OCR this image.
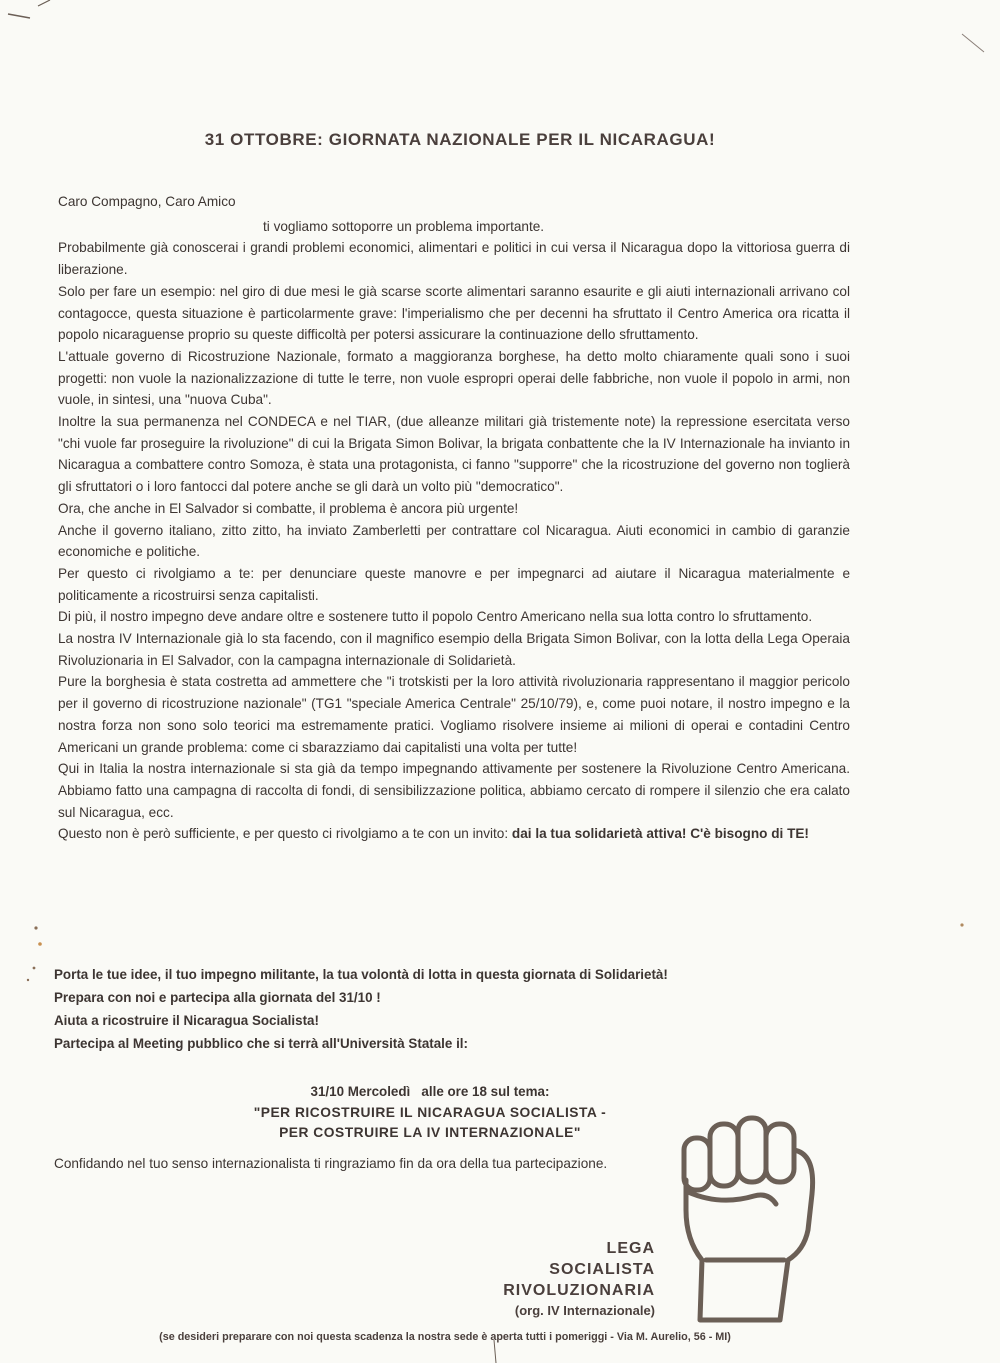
31 OTTOBRE: GIORNATA NAZIONALE PER IL NICARAGUA!

Caro Compagno, Caro Amico

ti vogliamo sottoporre un problema importante.

Probabilmente già conoscerai i grandi problemi economici, alimentari e politici in cui versa il Nicaragua dopo la vittoriosa guerra di liberazione.

Solo per fare un esempio: nel giro di due mesi le già scarse scorte alimentari saranno esaurite e gli aiuti internazionali arrivano col contagocce, questa situazione è particolarmente grave: l'imperialismo che per decenni ha sfruttato il Centro America ora ricatta il popolo nicaraguense proprio su queste difficoltà per potersi assicurare la continuazione dello sfruttamento.

L'attuale governo di Ricostruzione Nazionale, formato a maggioranza borghese, ha detto molto chiaramente quali sono i suoi progetti: non vuole la nazionalizzazione di tutte le terre, non vuole espropri operai delle fabbriche, non vuole il popolo in armi, non vuole, in sintesi, una "nuova Cuba".

Inoltre la sua permanenza nel CONDECA e nel TIAR, (due alleanze militari già tristemente note) la repressione esercitata verso "chi vuole far proseguire la rivoluzione" di cui la Brigata Simon Bolivar, la brigata conbattente che la IV Internazionale ha invianto in Nicaragua a combattere contro Somoza, è stata una protagonista, ci fanno "supporre" che la ricostruzione del governo non toglierà gli sfruttatori o i loro fantocci dal potere anche se gli darà un volto più "democratico".

Ora, che anche in El Salvador si combatte, il problema è ancora più urgente!

Anche il governo italiano, zitto zitto, ha inviato Zamberletti per contrattare col Nicaragua. Aiuti economici in cambio di garanzie economiche e politiche.

Per questo ci rivolgiamo a te: per denunciare queste manovre e per impegnarci ad aiutare il Nicaragua materialmente e politicamente a ricostruirsi senza capitalisti.

Di più, il nostro impegno deve andare oltre e sostenere tutto il popolo Centro Americano nella sua lotta contro lo sfruttamento.

La nostra IV Internazionale già lo sta facendo, con il magnifico esempio della Brigata Simon Bolivar, con la lotta della Lega Operaia Rivoluzionaria in El Salvador, con la campagna internazionale di Solidarietà.

Pure la borghesia è stata costretta ad ammettere che "i trotskisti per la loro attività rivoluzionaria rappresentano il maggior pericolo per il governo di ricostruzione nazionale" (TG1 "speciale America Centrale" 25/10/79), e, come puoi notare, il nostro impegno e la nostra forza non sono solo teorici ma estremamente pratici. Vogliamo risolvere insieme ai milioni di operai e contadini Centro Americani un grande problema: come ci sbarazziamo dai capitalisti una volta per tutte!

Qui in Italia la nostra internazionale si sta già da tempo impegnando attivamente per sostenere la Rivoluzione Centro Americana. Abbiamo fatto una campagna di raccolta di fondi, di sensibilizzazione politica, abbiamo cercato di rompere il silenzio che era calato sul Nicaragua, ecc.

Questo non è però sufficiente, e per questo ci rivolgiamo a te con un invito: dai la tua solidarietà attiva! C'è bisogno di TE!

Porta le tue idee, il tuo impegno militante, la tua volontà di lotta in questa giornata di Solidarietà!

Prepara con noi e partecipa alla giornata del 31/10 !

Aiuta a ricostruire il Nicaragua Socialista!

Partecipa al Meeting pubblico che si terrà all'Università Statale il:

31/10 Mercoledì   alle ore 18 sul tema:
"PER RICOSTRUIRE IL NICARAGUA SOCIALISTA -
PER COSTRUIRE LA IV INTERNAZIONALE"
Confidando nel tuo senso internazionalista ti ringraziamo fin da ora della tua partecipazione.
LEGA
SOCIALISTA
RIVOLUZIONARIA
(org. IV Internazionale)
(se desideri preparare con noi questa scadenza la nostra sede è aperta tutti i pomeriggi - Via M. Aurelio, 56 - MI)
